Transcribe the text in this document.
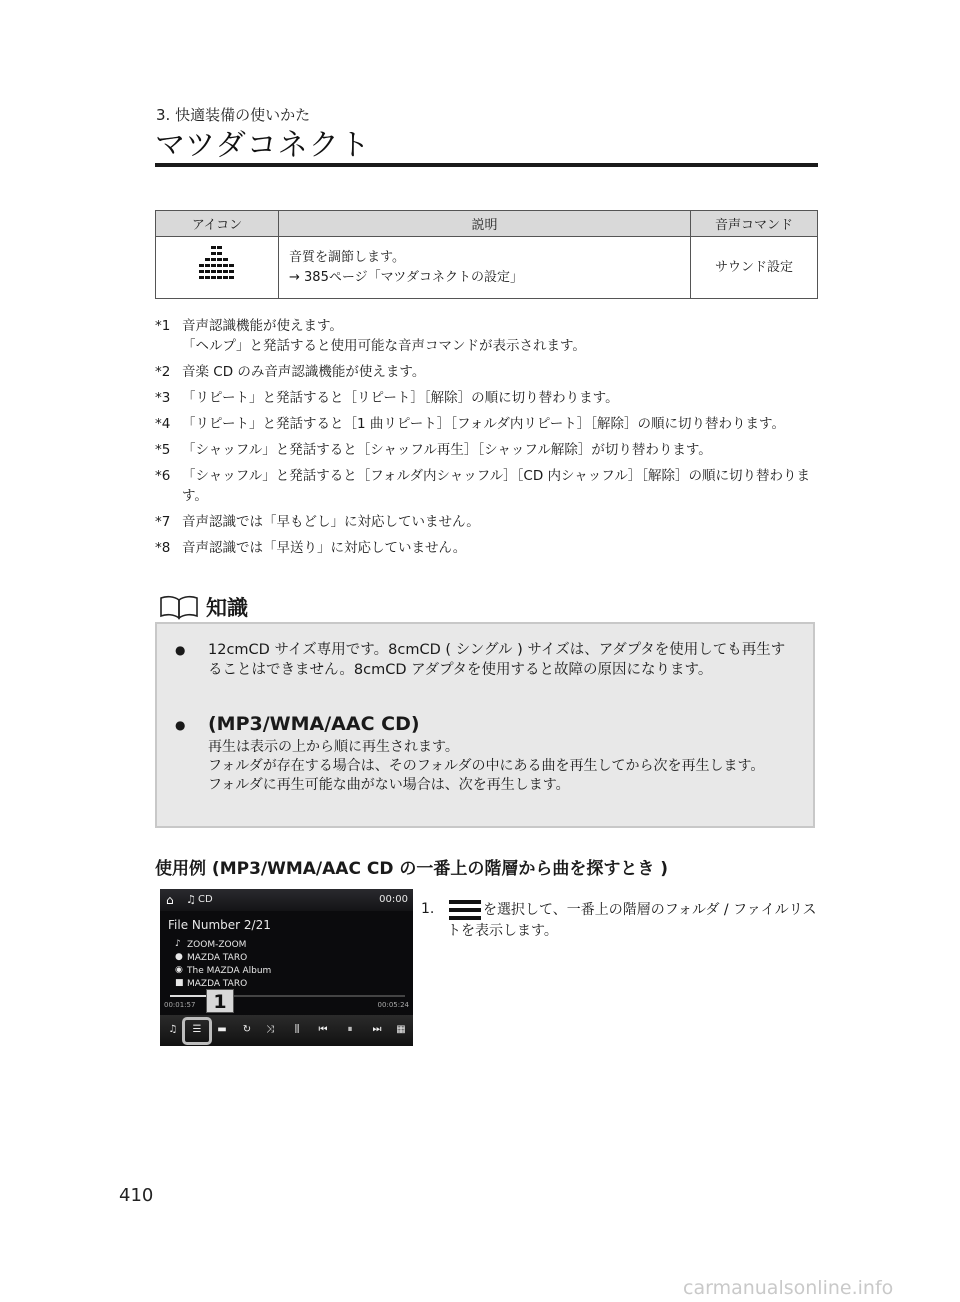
3. 快適装備の使いかた
マツダコネクト
アイコン	説明	音声コマンド

音質を調節します。
→ 385ページ「マツダコネクトの設定」	サウンド設定
*1 音声認識機能が使えます。
「ヘルプ」と発話すると使用可能な音声コマンドが表示されます。
*2 音楽 CD のみ音声認識機能が使えます。
*3 「リピート」と発話すると［リピート］［解除］の順に切り替わります。
*4 「リピート」と発話すると［1 曲リピート］［フォルダ内リピート］［解除］の順に切り替わります。
*5 「シャッフル」と発話すると［シャッフル再生］［シャッフル解除］が切り替わります。
*6 「シャッフル」と発話すると［フォルダ内シャッフル］［CD 内シャッフル］［解除］の順に切り替わります。
*7 音声認識では「早もどし」に対応していません。
*8 音声認識では「早送り」に対応していません。
知識
● 12cmCD サイズ専用です。8cmCD ( シングル ) サイズは、アダプタを使用しても再生することはできません。8cmCD アダプタを使用すると故障の原因になります。
● (MP3/WMA/AAC CD)
再生は表示の上から順に再生されます。
フォルダが存在する場合は、そのフォルダの中にある曲を再生してから次を再生します。
フォルダに再生可能な曲がない場合は、次を再生します。
使用例 (MP3/WMA/AAC CD の一番上の階層から曲を探すとき )
⌂ ♫ CD	00:00
File Number 2/21
♪ ZOOM-ZOOM
● MAZDA TARO
◉ The MAZDA Album
■ MAZDA TARO
00:01:57	00:05:24
♫	☰	▬	↻	⤨	⫼	⏮	⏸	⏭	▦
1
1.	を選択して、一番上の階層のフォルダ / ファイルリストを表示します。
410
carmanualsonline.info
